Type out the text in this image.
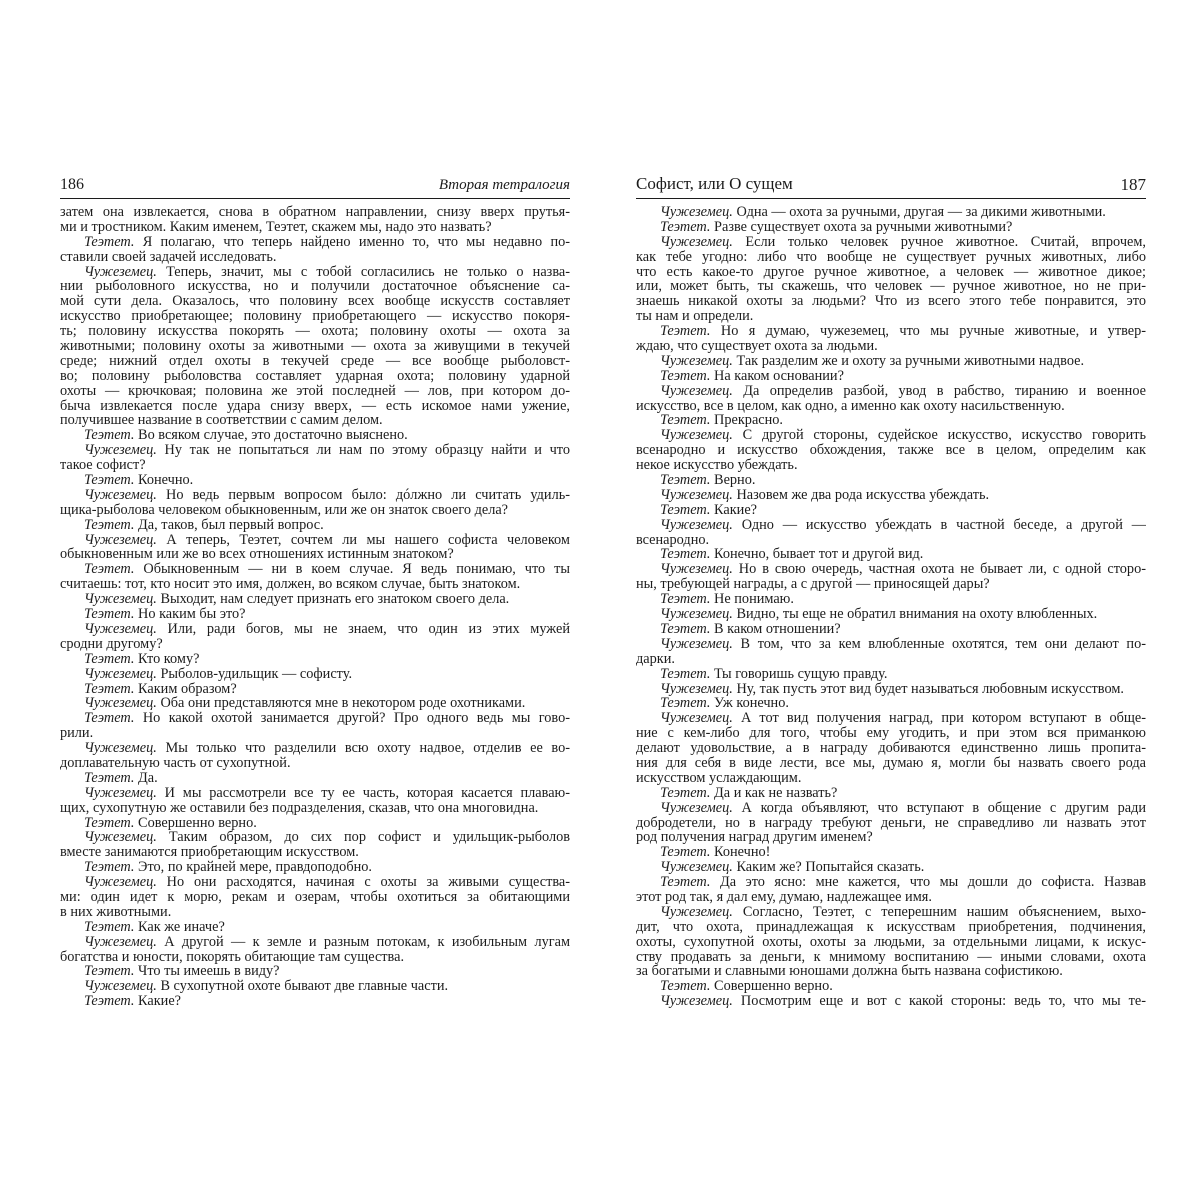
186	Вторая тетралогия
затем она извлекается, снова в обратном направлении, снизу вверх прутья-
ми и тростником. Каким именем, Теэтет, скажем мы, надо это назвать?
Теэтет. Я полагаю, что теперь найдено именно то, что мы недавно по-
ставили своей задачей исследовать.
Чужеземец. Теперь, значит, мы с тобой согласились не только о назва-
нии рыболовного искусства, но и получили достаточное объяснение са-
мой сути дела. Оказалось, что половину всех вообще искусств составляет
искусство приобретающее; половину приобретающего — искусство покоря-
ть; половину искусства покорять — охота; половину охоты — охота за
животными; половину охоты за животными — охота за живущими в текучей
среде; нижний отдел охоты в текучей среде — все вообще рыболовст-
во; половину рыболовства составляет ударная охота; половину ударной
охоты — крючковая; половина же этой последней — лов, при котором до-
быча извлекается после удара снизу вверх, — есть искомое нами ужение,
получившее название в соответствии с самим делом.
Теэтет. Во всяком случае, это достаточно выяснено.
Чужеземец. Ну так не попытаться ли нам по этому образцу найти и что
такое софист?
Теэтет. Конечно.
Чужеземец. Но ведь первым вопросом было: дóлжно ли считать удиль-
щика-рыболова человеком обыкновенным, или же он знаток своего дела?
Теэтет. Да, таков, был первый вопрос.
Чужеземец. А теперь, Теэтет, сочтем ли мы нашего софиста человеком
обыкновенным или же во всех отношениях истинным знатоком?
Теэтет. Обыкновенным — ни в коем случае. Я ведь понимаю, что ты
считаешь: тот, кто носит это имя, должен, во всяком случае, быть знатоком.
Чужеземец. Выходит, нам следует признать его знатоком своего дела.
Теэтет. Но каким бы это?
Чужеземец. Или, ради богов, мы не знаем, что один из этих мужей
сродни другому?
Теэтет. Кто кому?
Чужеземец. Рыболов-удильщик — софисту.
Теэтет. Каким образом?
Чужеземец. Оба они представляются мне в некотором роде охотниками.
Теэтет. Но какой охотой занимается другой? Про одного ведь мы гово-
рили.
Чужеземец. Мы только что разделили всю охоту надвое, отделив ее во-
доплавательную часть от сухопутной.
Теэтет. Да.
Чужеземец. И мы рассмотрели все ту ее часть, которая касается плаваю-
щих, сухопутную же оставили без подразделения, сказав, что она многовидна.
Теэтет. Совершенно верно.
Чужеземец. Таким образом, до сих пор софист и удильщик-рыболов
вместе занимаются приобретающим искусством.
Теэтет. Это, по крайней мере, правдоподобно.
Чужеземец. Но они расходятся, начиная с охоты за живыми существа-
ми: один идет к морю, рекам и озерам, чтобы охотиться за обитающими
в них животными.
Теэтет. Как же иначе?
Чужеземец. А другой — к земле и разным потокам, к изобильным лугам
богатства и юности, покорять обитающие там существа.
Теэтет. Что ты имеешь в виду?
Чужеземец. В сухопутной охоте бывают две главные части.
Теэтет. Какие?
Софист, или О сущем	187
Чужеземец. Одна — охота за ручными, другая — за дикими животными.
Теэтет. Разве существует охота за ручными животными?
Чужеземец. Если только человек ручное животное. Считай, впрочем,
как тебе угодно: либо что вообще не существует ручных животных, либо
что есть какое-то другое ручное животное, а человек — животное дикое;
или, может быть, ты скажешь, что человек — ручное животное, но не при-
знаешь никакой охоты за людьми? Что из всего этого тебе понравится, это
ты нам и определи.
Теэтет. Но я думаю, чужеземец, что мы ручные животные, и утвер-
ждаю, что существует охота за людьми.
Чужеземец. Так разделим же и охоту за ручными животными надвое.
Теэтет. На каком основании?
Чужеземец. Да определив разбой, увод в рабство, тиранию и военное
искусство, все в целом, как одно, а именно как охоту насильственную.
Теэтет. Прекрасно.
Чужеземец. С другой стороны, судейское искусство, искусство говорить
всенародно и искусство обхождения, также все в целом, определим как
некое искусство убеждать.
Теэтет. Верно.
Чужеземец. Назовем же два рода искусства убеждать.
Теэтет. Какие?
Чужеземец. Одно — искусство убеждать в частной беседе, а другой —
всенародно.
Теэтет. Конечно, бывает тот и другой вид.
Чужеземец. Но в свою очередь, частная охота не бывает ли, с одной сторо-
ны, требующей награды, а с другой — приносящей дары?
Теэтет. Не понимаю.
Чужеземец. Видно, ты еще не обратил внимания на охоту влюбленных.
Теэтет. В каком отношении?
Чужеземец. В том, что за кем влюбленные охотятся, тем они делают по-
дарки.
Теэтет. Ты говоришь сущую правду.
Чужеземец. Ну, так пусть этот вид будет называться любовным искусством.
Теэтет. Уж конечно.
Чужеземец. А тот вид получения наград, при котором вступают в обще-
ние с кем-либо для того, чтобы ему угодить, и при этом вся приманкою
делают удовольствие, а в награду добиваются единственно лишь пропита-
ния для себя в виде лести, все мы, думаю я, могли бы назвать своего рода
искусством услаждающим.
Теэтет. Да и как не назвать?
Чужеземец. А когда объявляют, что вступают в общение с другим ради
добродетели, но в награду требуют деньги, не справедливо ли назвать этот
род получения наград другим именем?
Теэтет. Конечно!
Чужеземец. Каким же? Попытайся сказать.
Теэтет. Да это ясно: мне кажется, что мы дошли до софиста. Назвав
этот род так, я дал ему, думаю, надлежащее имя.
Чужеземец. Согласно, Теэтет, с теперешним нашим объяснением, выхо-
дит, что охота, принадлежащая к искусствам приобретения, подчинения,
охоты, сухопутной охоты, охоты за людьми, за отдельными лицами, к искус-
ству продавать за деньги, к мнимому воспитанию — иными словами, охота
за богатыми и славными юношами должна быть названа софистикою.
Теэтет. Совершенно верно.
Чужеземец. Посмотрим еще и вот с какой стороны: ведь то, что мы те-
